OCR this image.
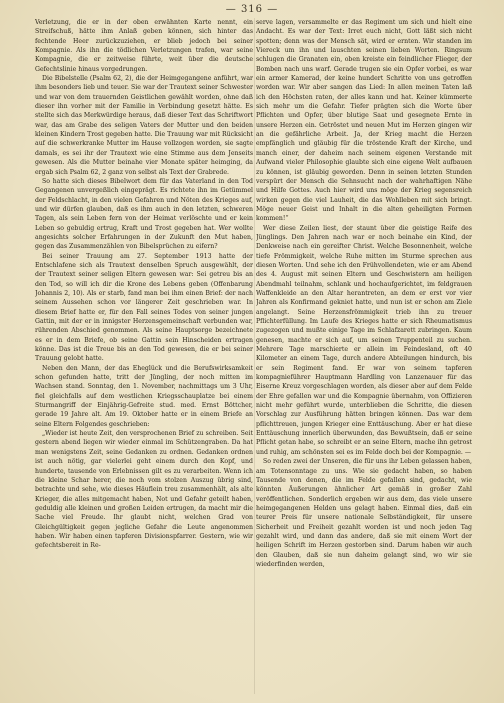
— 316 —

Verletzung, die er in der oben erwähnten Karte nennt, ein Streifschuß, hätte ihm Anlaß geben können, sich hinter das fechtende Heer zurückzuziehen, er blieb jedoch bei seiner Kompagnie. Als ihn die tödlichen Verletzungen trafen, war seine Kompagnie, die er zeitweise führte, weit über die deutsche Gefechtslinie hinaus vorgedrungen.

Die Bibelstelle (Psalm 62, 2), die der Heimgegangene anführt, war ihm besonders lieb und teuer. Sie war der Trautext seiner Schwester und war von dem trauernden Geistlichen gewählt worden, ohne daß dieser ihn vorher mit der Familie in Verbindung gesetzt hätte. Es stellte sich das Merkwürdige heraus, daß dieser Text das Schriftwort war, das am Grabe des seligen Vaters der Mutter und den beiden kleinen Kindern Trost gegeben hatte. Die Trauung war mit Rücksicht auf die schwerkranke Mutter im Hause vollzogen worden, sie sagte damals, es sei ihr der Trautext wie eine Stimme aus dem Jenseits gewesen. Als die Mutter beinahe vier Monate später heimging, da ergab sich Psalm 62, 2 ganz von selbst als Text der Grabrede.

So hatte sich dieses Bibelwort dem für das Vaterland in den Tod Gegangenen unvergeßlich eingeprägt. Es richtete ihn im Getümmel der Feldschlacht, in den vielen Gefahren und Nöten des Krieges auf, und wir dürfen glauben, daß es ihm auch in den letzten, schweren Tagen, als sein Leben fern von der Heimat verlöschte und er kein Leben so gebuldig ertrug, Kraft und Trost gegeben hat. Wer wollte angesichts solcher Erfahrungen in der Zukunft den Mut haben, gegen das Zusammenzählen von Bibelsprüchen zu eifern?

Bei seiner Trauung am 27. September 1913 hatte der Entschlafene sich als Trautext denselben Spruch ausgewählt, der der Trautext seiner seligen Eltern gewesen war: Sei getreu bis an den Tod, so will ich dir die Krone des Lebens geben (Offenbarung Johannis 2, 10). Als er starb, fand man bei ihm einen Brief: der nach seinem Aussehen schon vor längerer Zeit geschrieben war. In diesem Brief hatte er, für den Fall seines Todes von seiner jungen Gattin, mit der er in innigster Herzensgemeinschaft verbunden war, rührenden Abschied genommen. Als seine Hauptsorge bezeichnete es er in dem Briefe, ob seine Gattin sein Hinscheiden ertragen könne. Das ist die Treue bis an den Tod gewesen, die er bei seiner Trauung gelobt hatte.

Neben den Mann, der das Eheglück und die Berufswirksamkeit schon gefunden hatte, tritt der Jüngling, der noch mitten im Wachsen stand. Sonntag, den 1. November, nachmittags um 3 Uhr, fiel gleichfalls auf dem westlichen Kriegsschauplatze bei einem Sturmangriff der Einjährig-Gefreite stud. med. Ernst Böttcher, gerade 19 Jahre alt. Am 19. Oktober hatte er in einem Briefe an seine Eltern Folgendes geschrieben:

„Wieder ist heute Zeit, den versprochenen Brief zu schreiben. Seit gestern abend liegen wir wieder einmal im Schützengraben. Da hat man wenigstens Zeit, seine Gedanken zu ordnen. Gedanken ordnen ist auch nötig, gar vielerlei geht einem durch den Kopf, und hunderte, tausende von Erlebnissen gilt es zu verarbeiten. Wenn ich die kleine Schar herer, die noch vom stolzen Auszug übrig sind, betrachte und sehe, wie dieses Häuflein treu zusammenhält, als alte Krieger, die alles mitgemacht haben, Not und Gefahr geteilt haben, geduldig alle kleinen und großen Leiden ertrugen, da macht mir die Sache viel Freude. Ihr glaubt nicht, welchen Grad von Gleichgültigkeit gegen jegliche Gefahr die Leute angenommen haben. Wir haben einen tapferen Divisionspfarrer. Gestern, wie wir gefechtsbereit in Re-

serve lagen, versammelte er das Regiment um sich und hielt eine Andacht. Es war der Text: Irret euch nicht, Gott läßt sich nicht spotten; denn was der Mensch sät, wird er ernten. Wir standen im Viereck um ihn und lauschten seinen lieben Worten. Ringsum schlugen die Granaten ein, oben kreiste ein feindlicher Flieger, der Bomben nach uns warf. Gerade trugen sie ein Opfer vorbei, es war ein armer Kamerad, der keine hundert Schritte von uns getroffen worden war. Wir aber sangen das Lied: In allen meinen Taten laß ich den Höchsten raten, der alles kann und hat. Keiner kümmerte sich mehr um die Gefahr. Tiefer prägten sich die Worte über Pflichten und Opfer, über blutige Saat und gesegnete Ernte in unsere Herzen ein. Getröstet und neuen Mut im Herzen gingen wir an die gefährliche Arbeit. Ja, der Krieg macht die Herzen empfänglich und gläubig für die tröstende Kraft der Kirche, und manch einer, der daheim nach seinem eigenen Verstande mit Aufwand vieler Philosophie glaubte sich eine eigene Welt aufbauen zu können, ist gläubig geworden. Denn in seinen letzten Stunden verspürt der Mensch die Sehnsucht nach der wahrhaftigen Nähe und Hilfe Gottes. Auch hier wird uns möge der Krieg segensreich wirken gegen die viel Lauheit, die das Wohlleben mit sich bringt. Möge neuer Geist und Inhalt in die alten geheiligten Formen kommen!“

Wer diese Zeilen liest, der staunt über die geistige Reife des Jünglings. Den Jahren nach war er noch beinahe ein Kind, der Denkweise nach ein gereifter Christ. Welche Besonnenheit, welche tiefe Frömmigkeit, welche Ruhe mitten im Sturme sprechen aus diesen Worten. Und sehe ich den Frühvollendeten, wie er am Abend des 4. August mit seinen Eltern und Geschwistern am heiligen Abendmahl teilnahm, schlank und hochaufgerichtet, im feldgrauen Waffenkleide an den Altar herantreten, an dem er erst vor vier Jahren als Konfirmand gekniet hatte, und nun ist er schon am Ziele angelangt. Seine Herzensfrömmigkeit trieb ihn zu treuer Pflichterfüllung. Im Laufe des Krieges hatte er sich Rheumatismus zugezogen und mußte einige Tage im Schlafzarett zubringen. Kaum genesen, machte er sich auf, um seinen Truppenteil zu suchen. Mehrere Tage marschierte er allein im Feindesland, oft 40 Kilometer an einem Tage, durch andere Abteilungen hindurch, bis er sein Regiment fand. Er war von seinem tapferen kompagnieführer Hauptmann Hardling von Lanzenauer für das Eiserne Kreuz vorgeschlagen worden, als dieser aber auf dem Felde der Ehre gefallen war und die Kompagnie übernahm, von Offizieren nicht mehr geführt wurde, unterblieben die Schritte, die diesen Vorschlag zur Ausführung hätten bringen können. Das war dem pflichttreuen, jungen Krieger eine Enttäuschung. Aber er hat diese Enttäuschung innerlich überwunden, das Bewußtsein, daß er seine Pflicht getan habe, so schreibt er an seine Eltern, mache ihn getrost und ruhig, am schönsten sei es im Felde doch bei der Kompagnie. —

So reden zwei der Unseren, die für uns ihr Leben gelassen haben, am Totensonntage zu uns. Wie sie gedacht haben, so haben Tausende von denen, die im Felde gefallen sind, gedacht, wie könnten Äußerungen ähnlicher Art gemäß in großer Zahl veröffentlichen. Sonderlich ergeben wir aus dem, das viele unsere heimgegangenen Helden uns gelagt haben. Einmal dies, daß ein teurer Preis für unsere nationale Selbständigkeit, für unsere Sicherheit und Freiheit gezahlt worden ist und noch jeden Tag gezahlt wird, und dann das andere, daß sie mit einem Wort der heiligen Schrift im Herzen gestorben sind. Darum haben wir auch den Glauben, daß sie nun daheim gelangt sind, wo wir sie wiederfinden werden,
